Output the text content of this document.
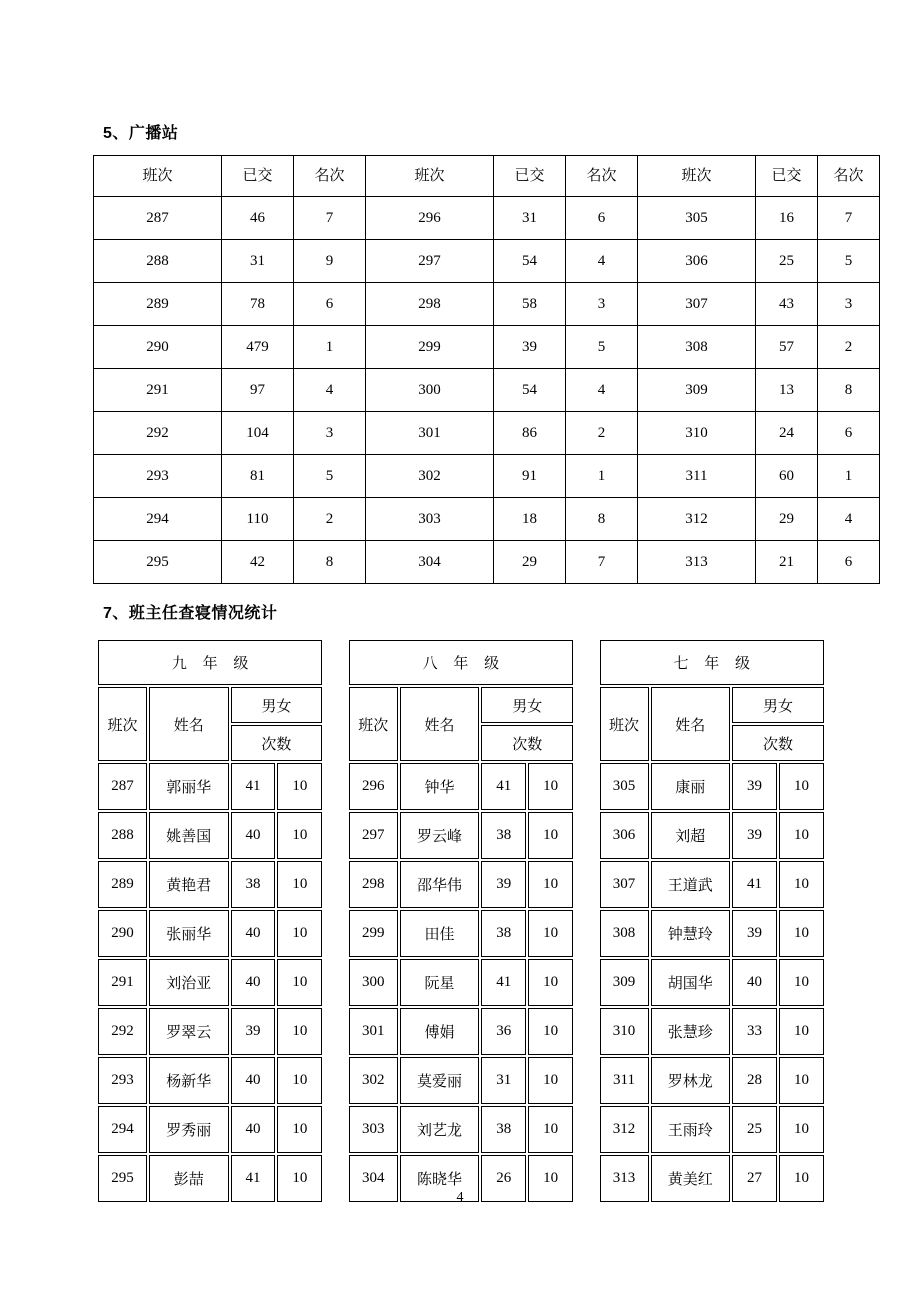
5、广播站
班次	已交	名次	班次	已交	名次	班次	已交	名次
287	46	7	296	31	6	305	16	7
288	31	9	297	54	4	306	25	5
289	78	6	298	58	3	307	43	3
290	479	1	299	39	5	308	57	2
291	97	4	300	54	4	309	13	8
292	104	3	301	86	2	310	24	6
293	81	5	302	91	1	311	60	1
294	110	2	303	18	8	312	29	4
295	42	8	304	29	7	313	21	6
7、班主任查寝情况统计
九 年 级					八 年 级					七 年 级			
班次	姓名	男女			班次	姓名	男女			班次	姓名	男女	
		次数					次数					次数	
287	郭丽华	41	10		296	钟华	41	10		305	康丽	39	10
288	姚善国	40	10		297	罗云峰	38	10		306	刘超	39	10
289	黄艳君	38	10		298	邵华伟	39	10		307	王道武	41	10
290	张丽华	40	10		299	田佳	38	10		308	钟慧玲	39	10
291	刘治亚	40	10		300	阮星	41	10		309	胡国华	40	10
292	罗翠云	39	10		301	傅娟	36	10		310	张慧珍	33	10
293	杨新华	40	10		302	莫爱丽	31	10		311	罗林龙	28	10
294	罗秀丽	40	10		303	刘艺龙	38	10		312	王雨玲	25	10
295	彭喆	41	10		304	陈晓华	26	10		313	黄美红	27	10
4
